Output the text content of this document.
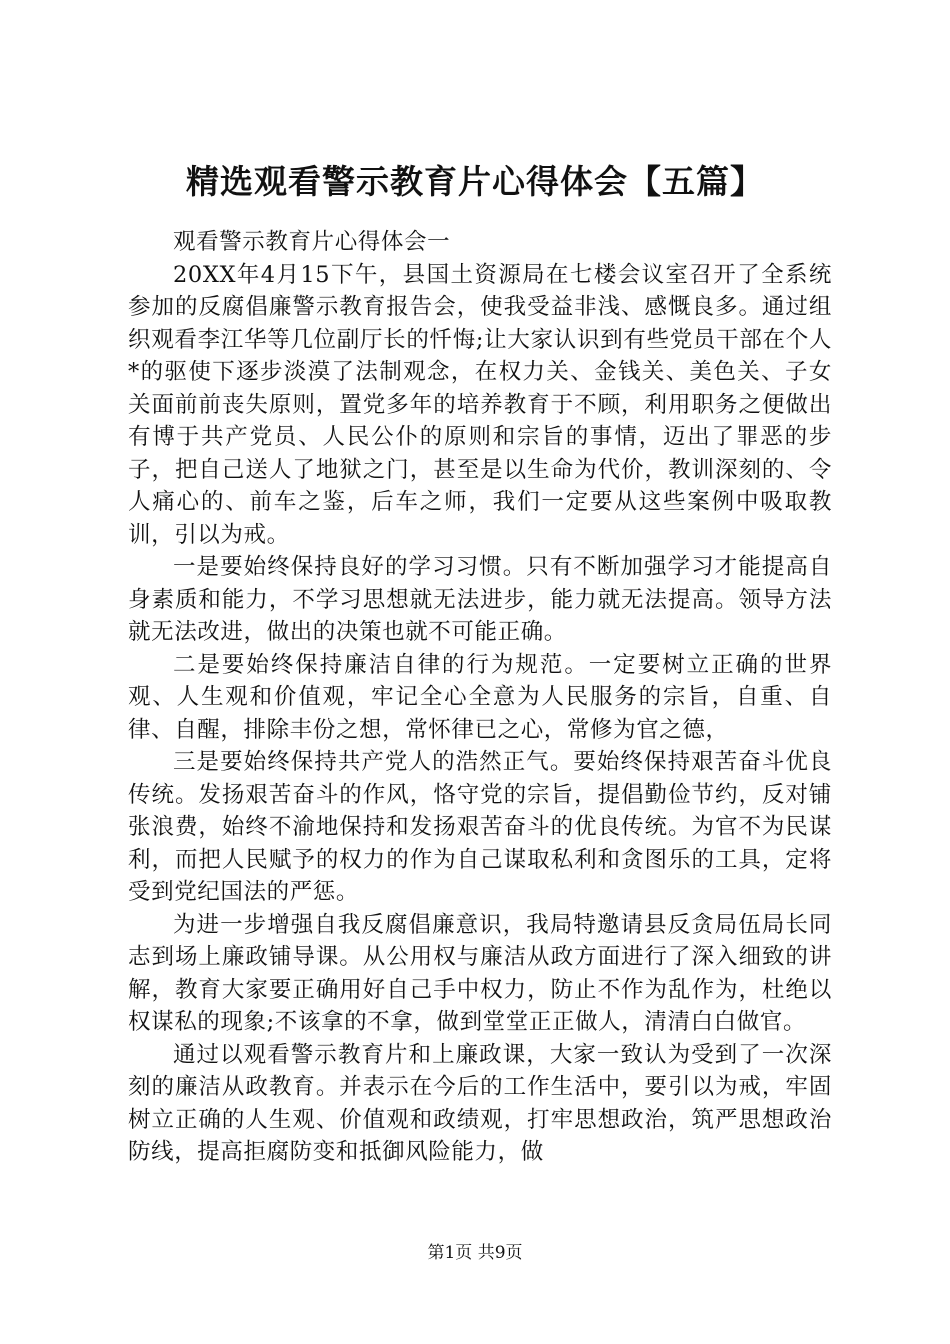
精选观看警示教育片心得体会【五篇】

观看警示教育片心得体会一

20XX年4月15下午，县国土资源局在七楼会议室召开了全系统参加的反腐倡廉警示教育报告会，使我受益非浅、感慨良多。通过组织观看李江华等几位副厅长的忏悔;让大家认识到有些党员干部在个人*的驱使下逐步淡漠了法制观念，在权力关、金钱关、美色关、子女关面前前丧失原则，置党多年的培养教育于不顾，利用职务之便做出有博于共产党员、人民公仆的原则和宗旨的事情，迈出了罪恶的步子，把自己送人了地狱之门，甚至是以生命为代价，教训深刻的、令人痛心的、前车之鉴，后车之师，我们一定要从这些案例中吸取教训，引以为戒。

一是要始终保持良好的学习习惯。只有不断加强学习才能提高自身素质和能力，不学习思想就无法进步，能力就无法提高。领导方法就无法改进，做出的决策也就不可能正确。

二是要始终保持廉洁自律的行为规范。一定要树立正确的世界观、人生观和价值观，牢记全心全意为人民服务的宗旨，自重、自律、自醒，排除丰份之想，常怀律已之心，常修为官之德，

三是要始终保持共产党人的浩然正气。要始终保持艰苦奋斗优良传统。发扬艰苦奋斗的作风，恪守党的宗旨，提倡勤俭节约，反对铺张浪费，始终不渝地保持和发扬艰苦奋斗的优良传统。为官不为民谋利，而把人民赋予的权力的作为自己谋取私利和贪图乐的工具，定将受到党纪国法的严惩。

为进一步增强自我反腐倡廉意识，我局特邀请县反贪局伍局长同志到场上廉政铺导课。从公用权与廉洁从政方面进行了深入细致的讲解，教育大家要正确用好自己手中权力，防止不作为乱作为，杜绝以权谋私的现象;不该拿的不拿，做到堂堂正正做人，清清白白做官。

通过以观看警示教育片和上廉政课，大家一致认为受到了一次深刻的廉洁从政教育。并表示在今后的工作生活中，要引以为戒，牢固树立正确的人生观、价值观和政绩观，打牢思想政治，筑严思想政治防线，提高拒腐防变和抵御风险能力，做

第1页 共9页
